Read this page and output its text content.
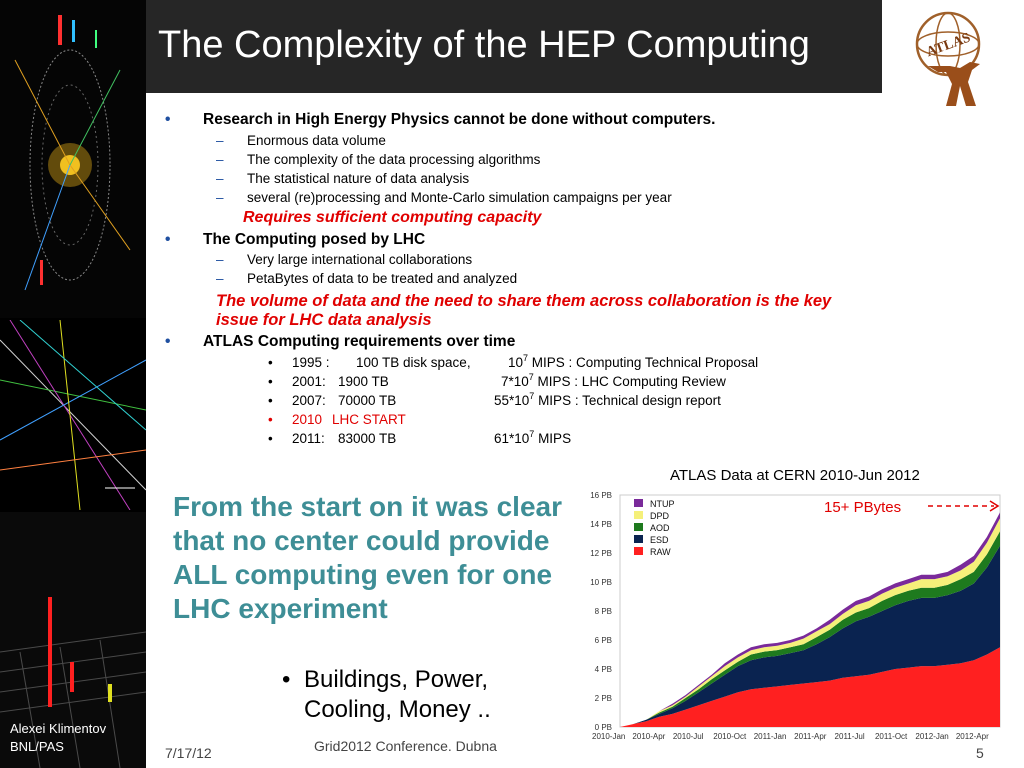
The Complexity of the HEP Computing	ATLAS
• Research in High Energy Physics cannot be done without computers.
– Enormous data volume
– The complexity of the data processing algorithms
– The statistical nature of data analysis
– several (re)processing and Monte-Carlo simulation campaigns per year
Requires sufficient computing capacity
• The Computing posed by LHC
– Very large international collaborations
– PetaBytes of data to be treated and analyzed
The volume of data and the need to share them across collaboration is the key
issue for LHC data analysis
• ATLAS Computing requirements over time
• 1995 : 100 TB disk space,	$10^7$ MIPS : Computing Technical Proposal
• 2001: 1900 TB	$7*10^7$ MIPS : LHC Computing Review
• 2007: 70000 TB	$55*10^7$ MIPS : Technical design report
• 2010 LHC START
• 2011: 83000 TB	$61*10^7$ MIPS
From the start on it was clear that no center could provide ALL computing even for one LHC experiment
• Buildings, Power,
Cooling, Money ..
ATLAS Data at CERN 2010-Jun 2012
0 PB
2 PB
4 PB
6 PB
8 PB
10 PB
12 PB
14 PB
16 PB
2010-Jan 2010-Apr 2010-Jul 2010-Oct 2011-Jan 2011-Apr 2011-Jul 2011-Oct 2012-Jan 2012-Apr
NTUP
DPD
AOD
ESD
RAW
15+ PBytes
Alexei Klimentov
BNL/PAS	7/17/12	Grid2012 Conference. Dubna	5
